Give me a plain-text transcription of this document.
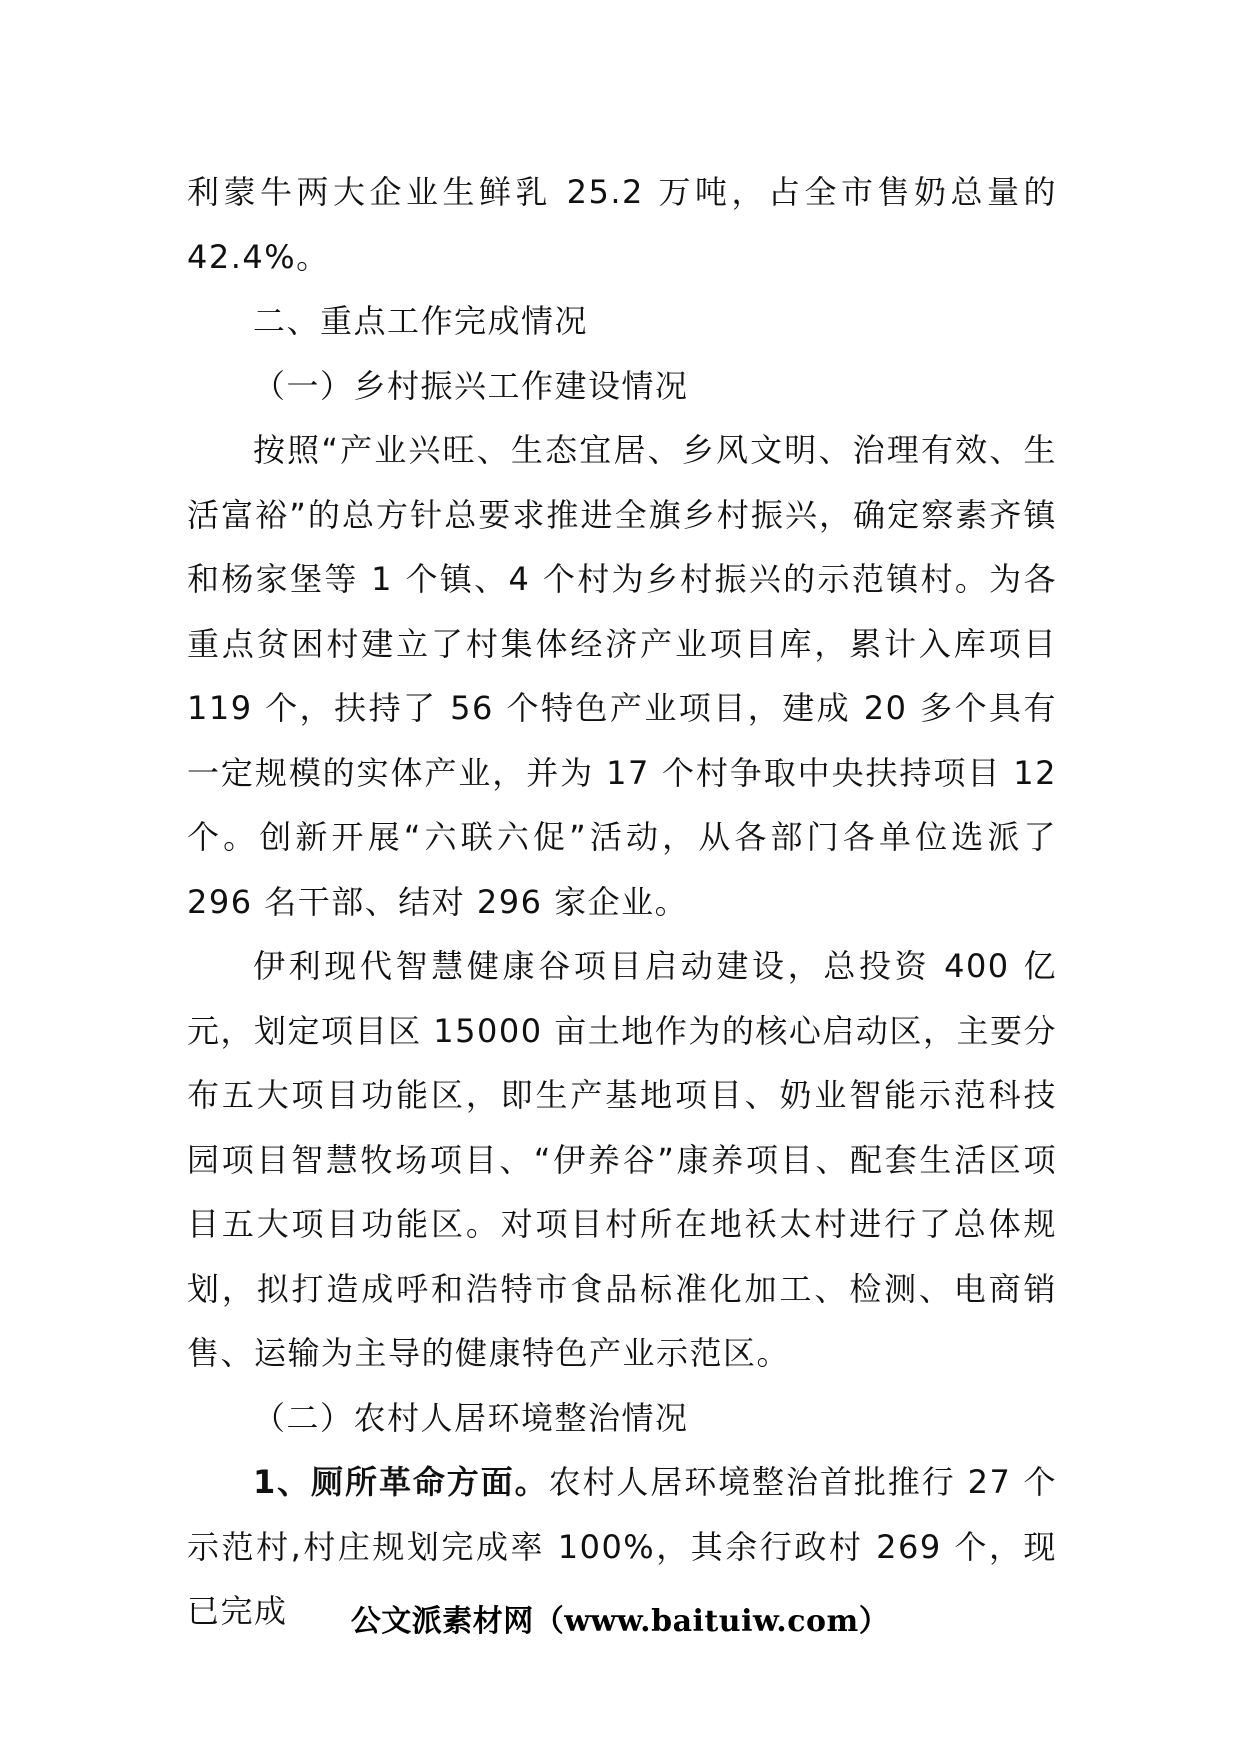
利蒙牛两大企业生鲜乳 25.2 万吨，占全市售奶总量的42.4%。

二、重点工作完成情况

（一）乡村振兴工作建设情况

按照“产业兴旺、生态宜居、乡风文明、治理有效、生活富裕”的总方针总要求推进全旗乡村振兴，确定察素齐镇和杨家堡等 1 个镇、4 个村为乡村振兴的示范镇村。为各重点贫困村建立了村集体经济产业项目库，累计入库项目 119 个，扶持了 56 个特色产业项目，建成 20 多个具有一定规模的实体产业，并为 17 个村争取中央扶持项目 12 个。创新开展“六联六促”活动，从各部门各单位选派了 296 名干部、结对 296 家企业。

伊利现代智慧健康谷项目启动建设，总投资 400 亿元，划定项目区 15000 亩土地作为的核心启动区，主要分布五大项目功能区，即生产基地项目、奶业智能示范科技园项目智慧牧场项目、“伊养谷”康养项目、配套生活区项目五大项目功能区。对项目村所在地袄太村进行了总体规划，拟打造成呼和浩特市食品标准化加工、检测、电商销售、运输为主导的健康特色产业示范区。

（二）农村人居环境整治情况

1、厕所革命方面。农村人居环境整治首批推行 27 个示范村,村庄规划完成率 100%，其余行政村 269 个，现已完成	公文派素材网（www.baituiw.com）
